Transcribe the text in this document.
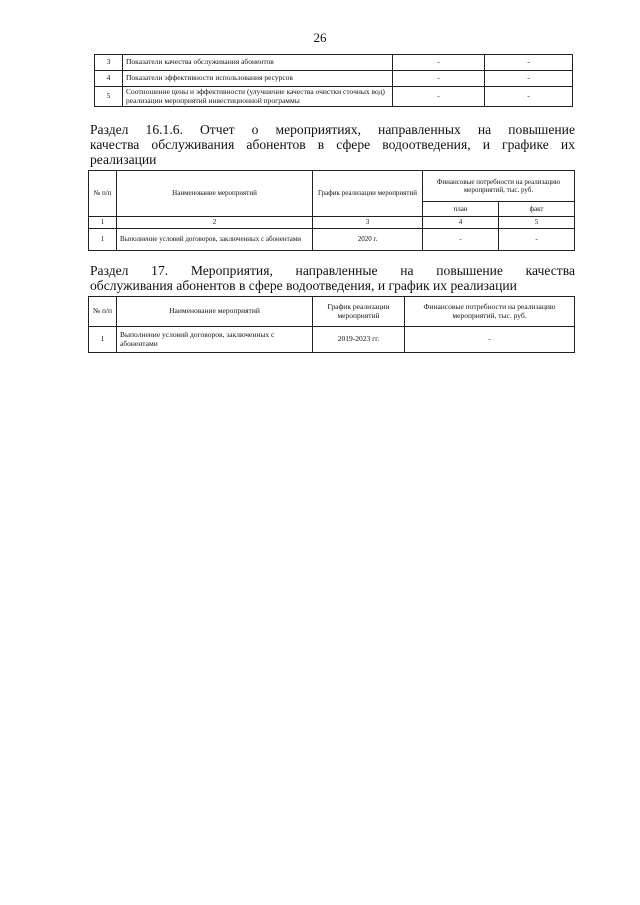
26
3	Показатели качества обслуживания абонентов	-	-
4	Показатели эффективности использования ресурсов	-	-
5	Соотношение цены и эффективности (улучшение качества очистки сточных вод) реализации мероприятий инвестиционной программы	-	-
Раздел 16.1.6. Отчет о мероприятиях, направленных на повышение
качества обслуживания абонентов в сфере водоотведения, и графике их
реализации
№ п/п	Наименование мероприятий	График реализации мероприятий	Финансовые потребности на реализацию мероприятий, тыс. руб.	
			план	факт
1	2	3	4	5
1	Выполнение условий договоров, заключенных с абонентами	2020 г.	-	-
Раздел 17. Мероприятия, направленные на повышение качества
обслуживания абонентов в сфере водоотведения, и график их реализации
№ п/п	Наименование мероприятий	График реализации мероприятий	Финансовые потребности на реализацию мероприятий, тыс. руб.
1	Выполнение условий договоров, заключенных с абонентами	2019-2023 гг.	-
